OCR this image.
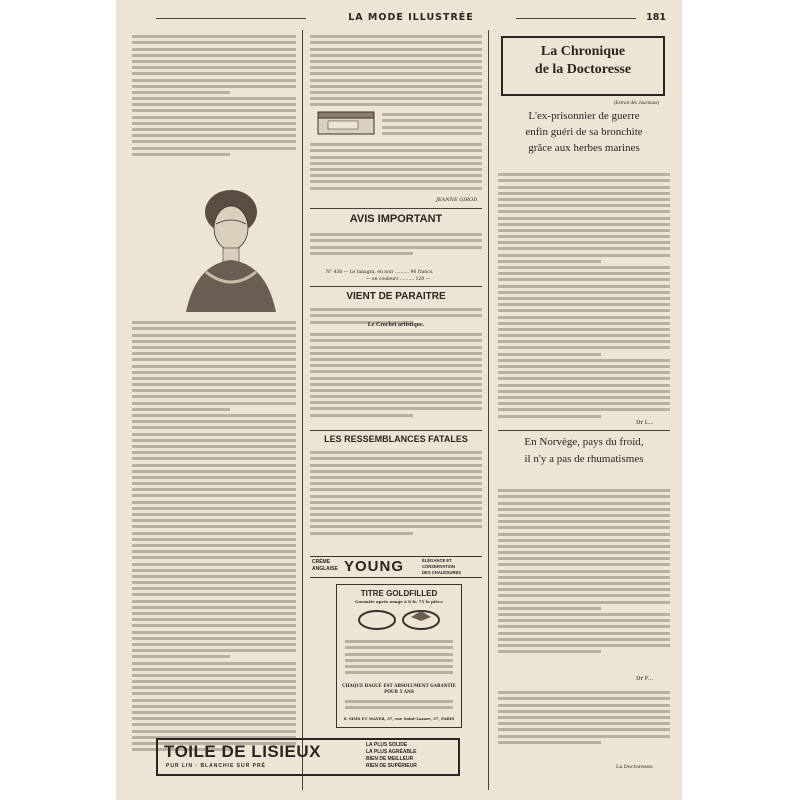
LA MODE ILLUSTRÉE	181
JEANNE GIROD.
AVIS IMPORTANT
N° 436 — Le tanagra, en noir .......... 90 francs.
— en couleurs .......... 120 —
VIENT DE PARAITRE
Le Crochet artistique.
LES RESSEMBLANCES FATALES
CRÈME
ANGLAISE YOUNG	ÉLÉGANCE ET
CONSERVATION
DES CHAUSSURES
TITRE GOLDFILLED
Garantie après usage à 8 fr. 75 la pièce
CHAQUE BAGUE EST ABSOLUMENT GARANTIE POUR 5 ANS
S. SIMS ET MAYER, 37, rue Saint-Lazare, 37, PARIS
TOILE DE LISIEUX
PUR LIN · BLANCHIE SUR PRÉ
LA PLUS SOLIDE
LA PLUS AGRÉABLE
BIEN DE MEILLEUR
RIEN DE SUPÉRIEUR
La Chronique
de la Doctoresse
(Extrait des Journaux)
L'ex-prisonnier de guerre
enfin guéri de sa bronchite
grâce aux herbes marines
Dr L...
En Norvège, pays du froid,
il n'y a pas de rhumatismes
Dr F...
La Doctoresse.
